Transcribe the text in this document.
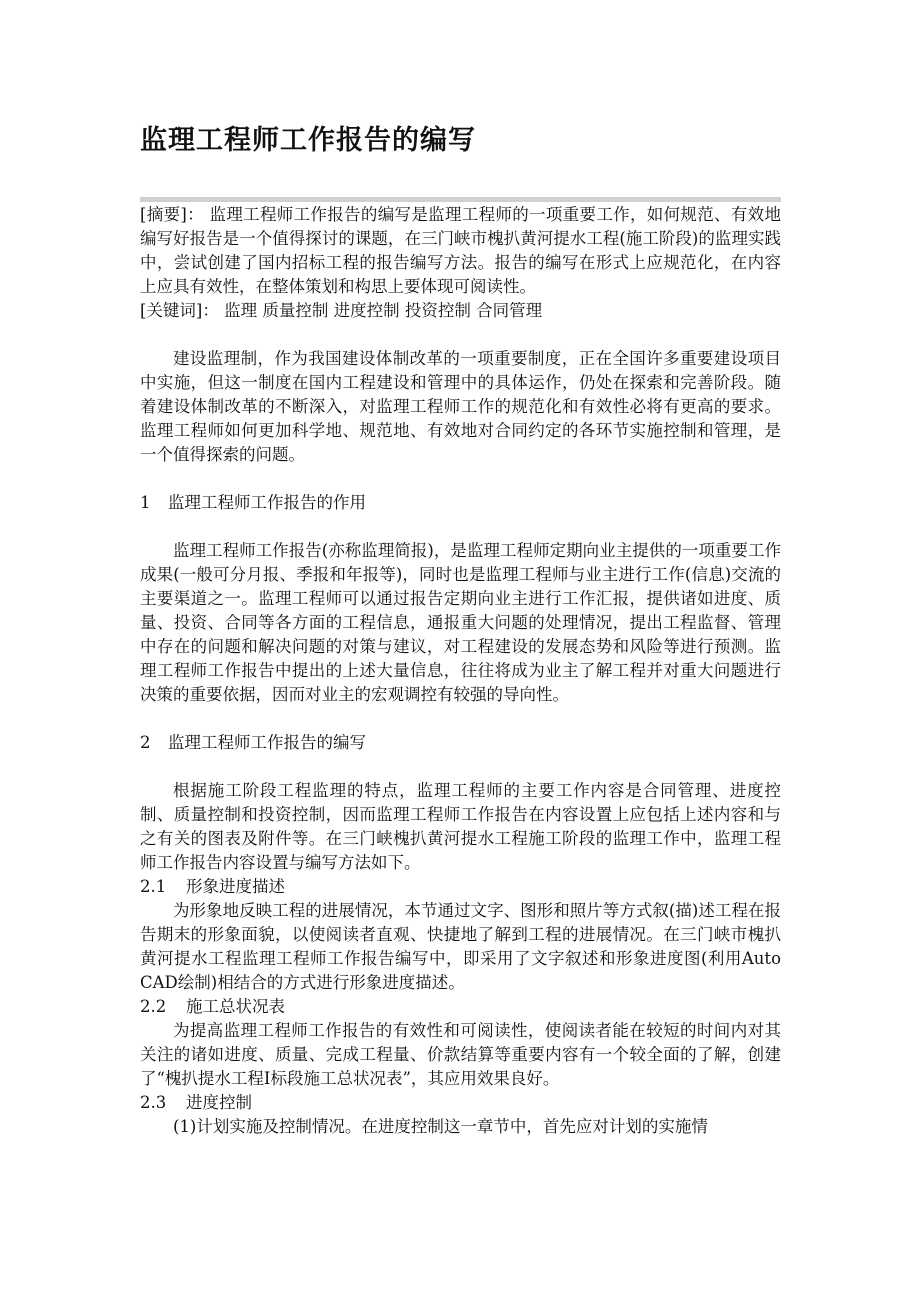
监理工程师工作报告的编写

[摘要]： 监理工程师工作报告的编写是监理工程师的一项重要工作，如何规范、有效地编写好报告是一个值得探讨的课题，在三门峡市槐扒黄河提水工程(施工阶段)的监理实践中，尝试创建了国内招标工程的报告编写方法。报告的编写在形式上应规范化，在内容上应具有效性，在整体策划和构思上要体现可阅读性。

[关键词]： 监理 质量控制 进度控制 投资控制 合同管理

建设监理制，作为我国建设体制改革的一项重要制度，正在全国许多重要建设项目中实施，但这一制度在国内工程建设和管理中的具体运作，仍处在探索和完善阶段。随着建设体制改革的不断深入，对监理工程师工作的规范化和有效性必将有更高的要求。监理工程师如何更加科学地、规范地、有效地对合同约定的各环节实施控制和管理，是一个值得探索的问题。

1 监理工程师工作报告的作用

监理工程师工作报告(亦称监理简报)，是监理工程师定期向业主提供的一项重要工作成果(一般可分月报、季报和年报等)，同时也是监理工程师与业主进行工作(信息)交流的主要渠道之一。监理工程师可以通过报告定期向业主进行工作汇报，提供诸如进度、质量、投资、合同等各方面的工程信息，通报重大问题的处理情况，提出工程监督、管理中存在的问题和解决问题的对策与建议，对工程建设的发展态势和风险等进行预测。监理工程师工作报告中提出的上述大量信息，往往将成为业主了解工程并对重大问题进行决策的重要依据，因而对业主的宏观调控有较强的导向性。

2 监理工程师工作报告的编写

根据施工阶段工程监理的特点，监理工程师的主要工作内容是合同管理、进度控制、质量控制和投资控制，因而监理工程师工作报告在内容设置上应包括上述内容和与之有关的图表及附件等。在三门峡槐扒黄河提水工程施工阶段的监理工作中，监理工程师工作报告内容设置与编写方法如下。

2.1 形象进度描述

为形象地反映工程的进展情况，本节通过文字、图形和照片等方式叙(描)述工程在报告期末的形象面貌，以使阅读者直观、快捷地了解到工程的进展情况。在三门峡市槐扒黄河提水工程监理工程师工作报告编写中，即采用了文字叙述和形象进度图(利用Auto CAD绘制)相结合的方式进行形象进度描述。

2.2 施工总状况表

为提高监理工程师工作报告的有效性和可阅读性，使阅读者能在较短的时间内对其关注的诸如进度、质量、完成工程量、价款结算等重要内容有一个较全面的了解，创建了“槐扒提水工程Ⅰ标段施工总状况表”，其应用效果良好。

2.3 进度控制

(1)计划实施及控制情况。在进度控制这一章节中，首先应对计划的实施情
